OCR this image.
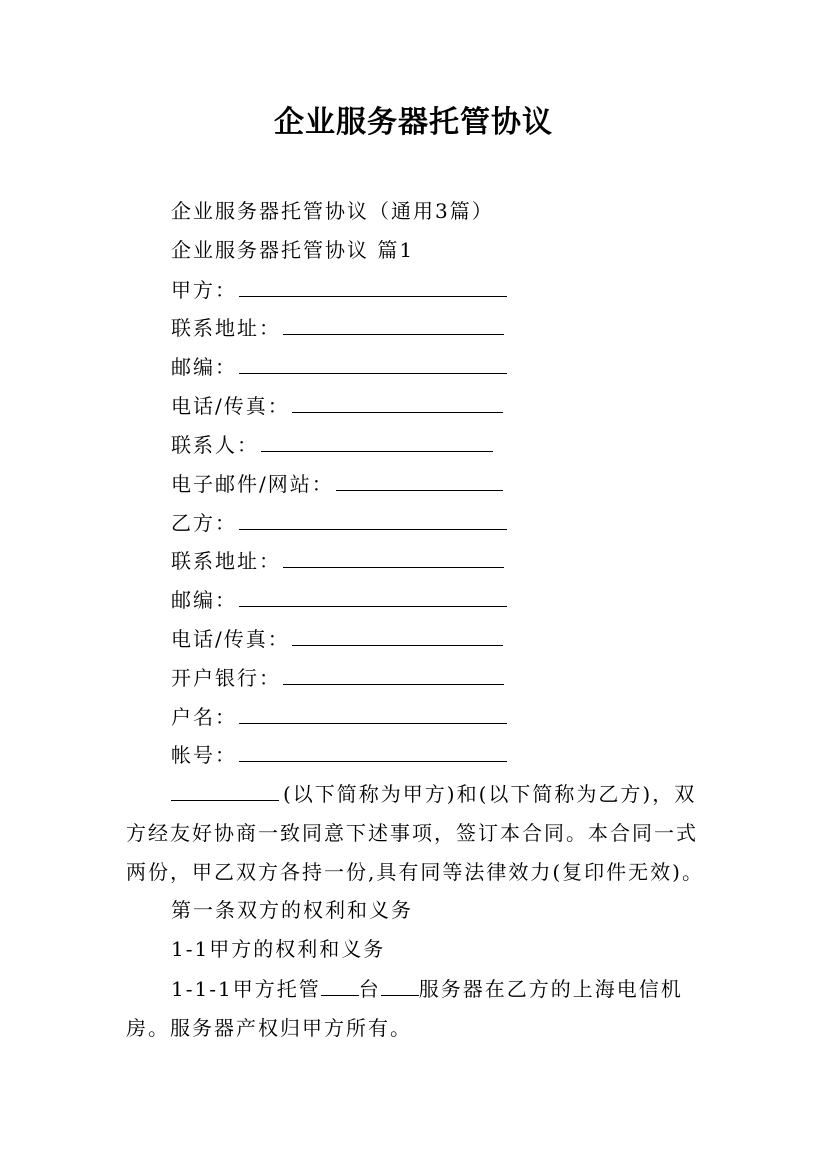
企业服务器托管协议
企业服务器托管协议（通用3篇）
企业服务器托管协议 篇1
甲方：
联系地址：
邮编：
电话/传真：
联系人：
电子邮件/网站：
乙方：
联系地址：
邮编：
电话/传真：
开户银行：
户名：
帐号：
(以下简称为甲方)和(以下简称为乙方)，双方经友好协商一致同意下述事项，签订本合同。本合同一式两份，甲乙双方各持一份,具有同等法律效力(复印件无效)。
第一条双方的权利和义务
1-1甲方的权利和义务
1-1-1甲方托管 台 服务器在乙方的上海电信机房。服务器产权归甲方所有。
